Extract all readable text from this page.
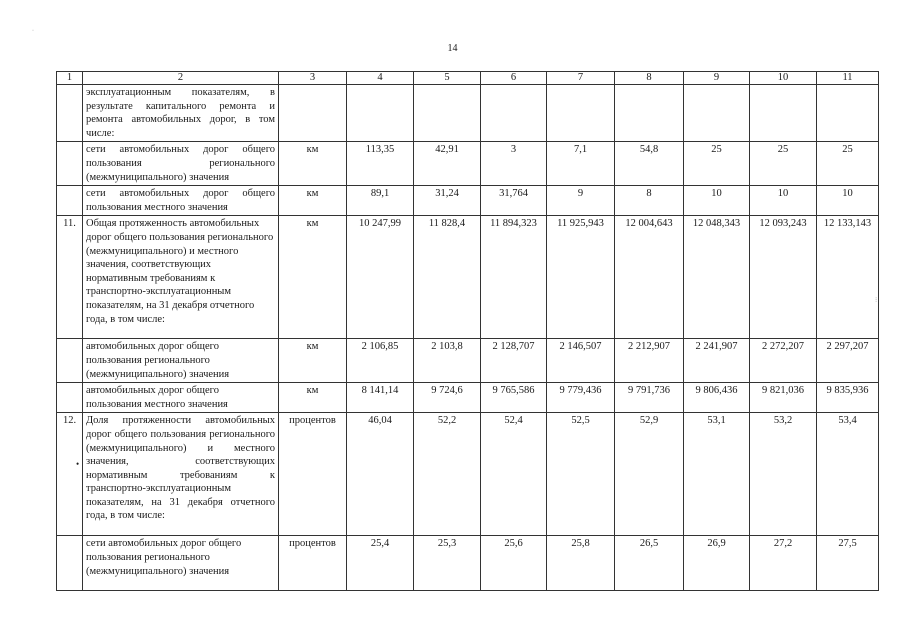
·
⁝
14
1	2	3	4	5	6	7	8	9	10	11
	эксплуатационным показателям, в результате капитального ремонта и ремонта автомобильных дорог, в том числе:									
	сети автомобильных дорог общего пользования регионального (межмуниципального) значения	км	113,35	42,91	3	7,1	54,8	25	25	25
	сети автомобильных дорог общего пользования местного значения	км	89,1	31,24	31,764	9	8	10	10	10
11.	Общая протяженность автомобильных дорог общего пользования регионального (межмуниципального) и местного значения, соответствующих нормативным требованиям к транспортно-эксплуатационным показателям, на 31 декабря отчетного года, в том числе:	км	10 247,99	11 828,4	11 894,323	11 925,943	12 004,643	12 048,343	12 093,243	12 133,143
	автомобильных дорог общего пользования регионального (межмуниципального) значения	км	2 106,85	2 103,8	2 128,707	2 146,507	2 212,907	2 241,907	2 272,207	2 297,207
	автомобильных дорог общего пользования местного значения	км	8 141,14	9 724,6	9 765,586	9 779,436	9 791,736	9 806,436	9 821,036	9 835,936
12.	Доля протяженности автомобильных дорог общего пользования регионального (межмуниципального) и местного значения, соответствующих нормативным требованиям к транспортно-эксплуатационным показателям, на 31 декабря отчетного года, в том числе:	процентов	46,04	52,2	52,4	52,5	52,9	53,1	53,2	53,4
	сети автомобильных дорог общего пользования регионального (межмуниципального) значения	процентов	25,4	25,3	25,6	25,8	26,5	26,9	27,2	27,5
•
